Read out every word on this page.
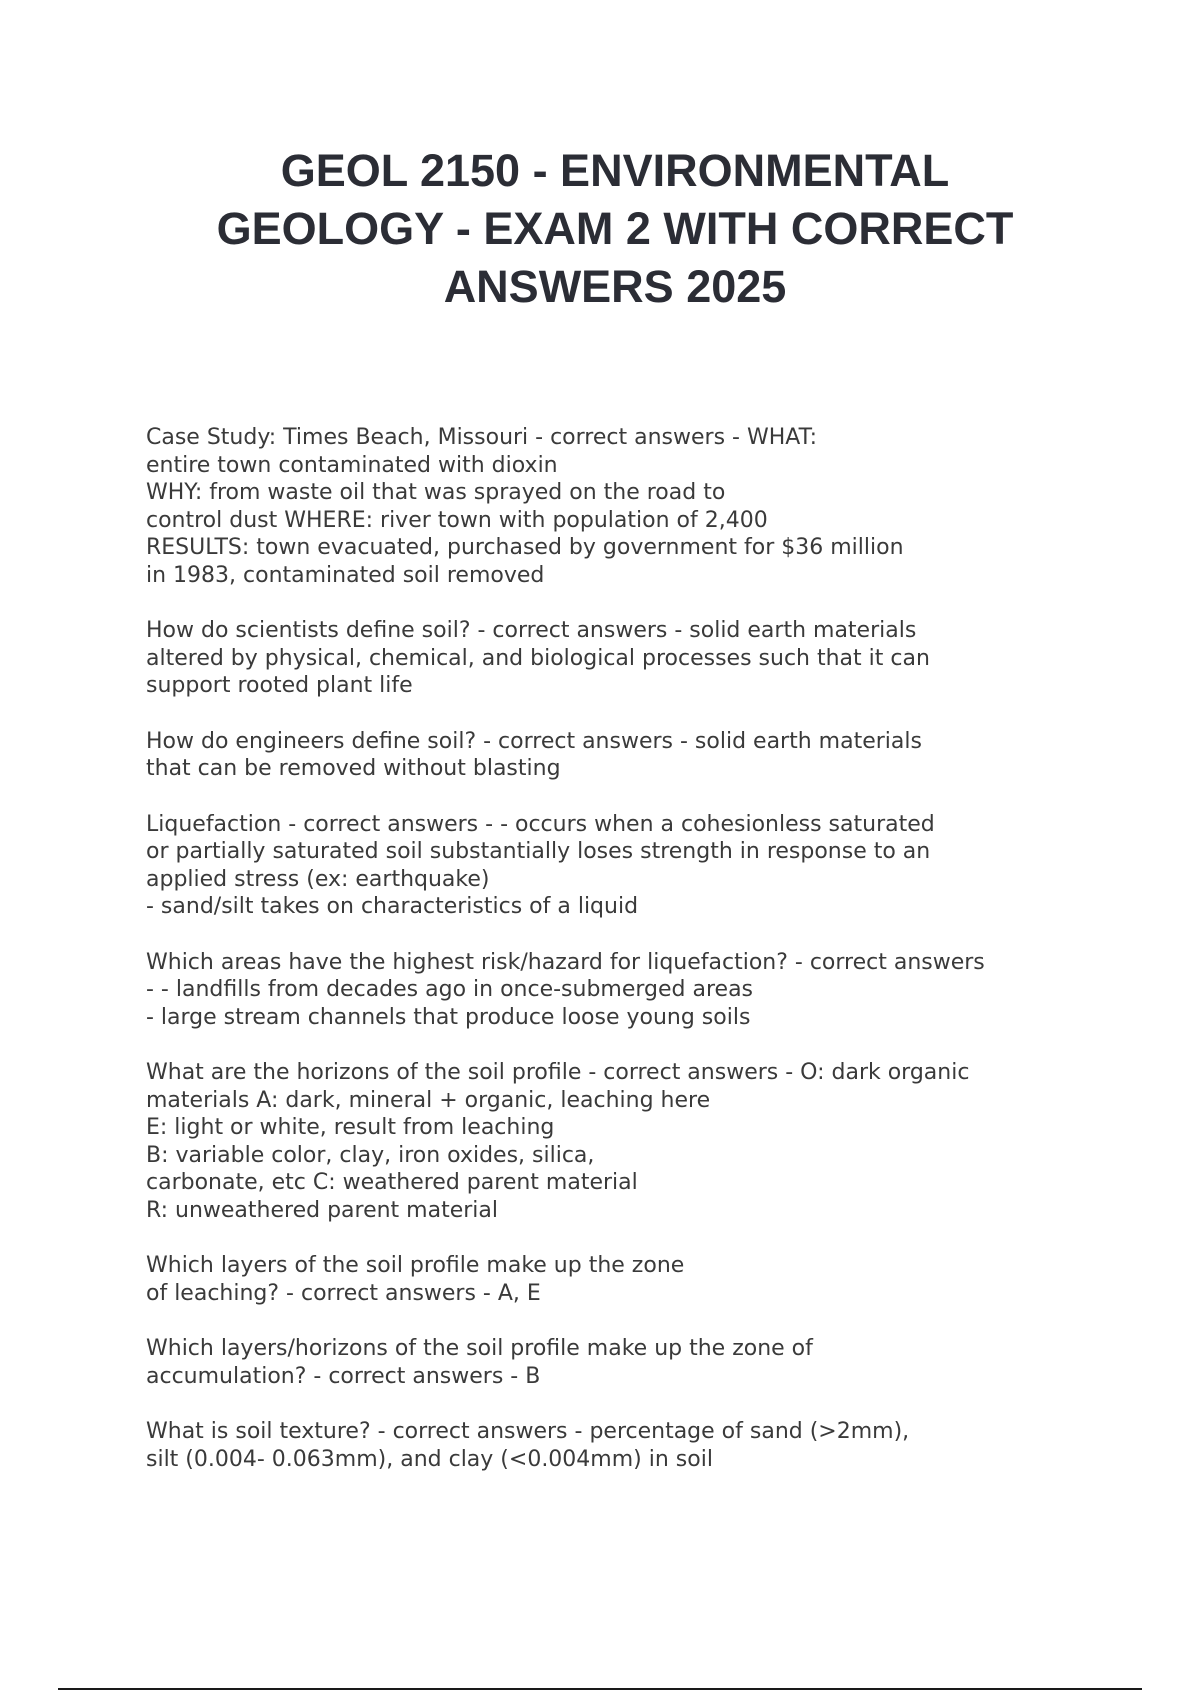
GEOL 2150 - ENVIRONMENTAL
GEOLOGY - EXAM 2 WITH CORRECT
ANSWERS 2025
Case Study: Times Beach, Missouri - correct answers - WHAT:
entire town contaminated with dioxin
WHY: from waste oil that was sprayed on the road to
control dust WHERE: river town with population of 2,400
RESULTS: town evacuated, purchased by government for $36 million
in 1983, contaminated soil removed
How do scientists define soil? - correct answers - solid earth materials
altered by physical, chemical, and biological processes such that it can
support rooted plant life
How do engineers define soil? - correct answers - solid earth materials
that can be removed without blasting
Liquefaction - correct answers - - occurs when a cohesionless saturated
or partially saturated soil substantially loses strength in response to an
applied stress (ex: earthquake)
- sand/silt takes on characteristics of a liquid
Which areas have the highest risk/hazard for liquefaction? - correct answers
- - landfills from decades ago in once-submerged areas
- large stream channels that produce loose young soils
What are the horizons of the soil profile - correct answers - O: dark organic
materials A: dark, mineral + organic, leaching here
E: light or white, result from leaching
B: variable color, clay, iron oxides, silica,
carbonate, etc C: weathered parent material
R: unweathered parent material
Which layers of the soil profile make up the zone
of leaching? - correct answers - A, E
Which layers/horizons of the soil profile make up the zone of
accumulation? - correct answers - B
What is soil texture? - correct answers - percentage of sand (>2mm),
silt (0.004- 0.063mm), and clay (<0.004mm) in soil
